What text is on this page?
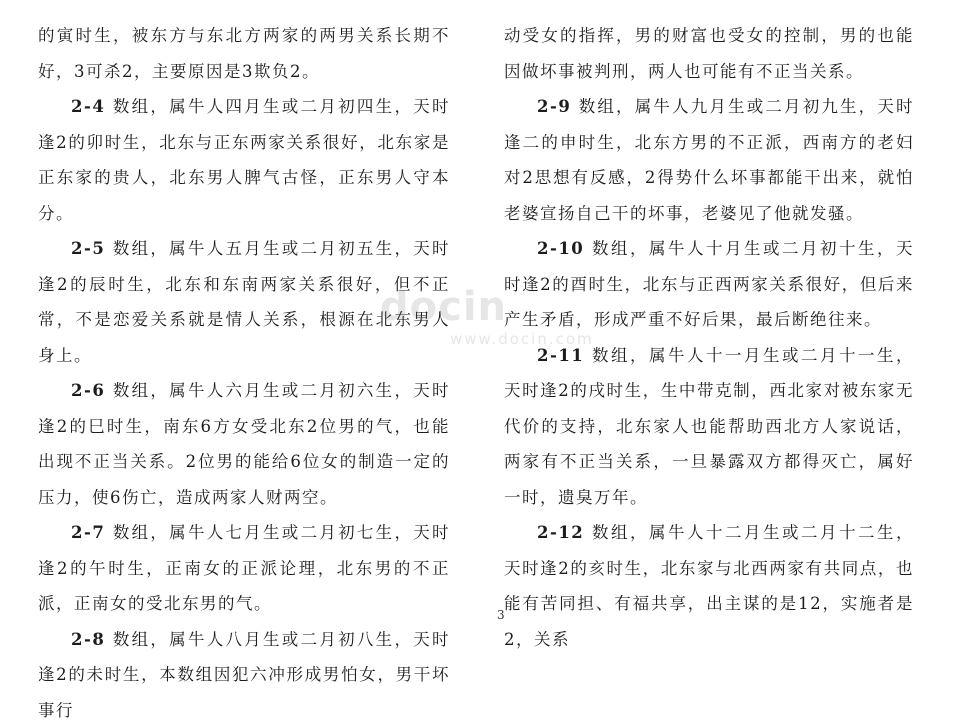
的寅时生，被东方与东北方两家的两男关系长期不好，3可杀2，主要原因是3欺负2。

2-4 数组，属牛人四月生或二月初四生，天时逢2的卯时生，北东与正东两家关系很好，北东家是正东家的贵人，北东男人脾气古怪，正东男人守本分。

2-5 数组，属牛人五月生或二月初五生，天时逢2的辰时生，北东和东南两家关系很好，但不正常，不是恋爱关系就是情人关系，根源在北东男人身上。

2-6 数组，属牛人六月生或二月初六生，天时逢2的巳时生，南东6方女受北东2位男的气，也能出现不正当关系。2位男的能给6位女的制造一定的压力，使6伤亡，造成两家人财两空。

2-7 数组，属牛人七月生或二月初七生，天时逢2的午时生，正南女的正派论理，北东男的不正派，正南女的受北东男的气。

2-8 数组，属牛人八月生或二月初八生，天时逢2的未时生，本数组因犯六冲形成男怕女，男干坏事行

动受女的指挥，男的财富也受女的控制，男的也能因做坏事被判刑，两人也可能有不正当关系。

2-9 数组，属牛人九月生或二月初九生，天时逢二的申时生，北东方男的不正派，西南方的老妇对2思想有反感，2得势什么坏事都能干出来，就怕老婆宣扬自己干的坏事，老婆见了他就发骚。

2-10 数组，属牛人十月生或二月初十生，天时逢2的酉时生，北东与正西两家关系很好，但后来产生矛盾，形成严重不好后果，最后断绝往来。

2-11 数组，属牛人十一月生或二月十一生，天时逢2的戌时生，生中带克制，西北家对被东家无代价的支持，北东家人也能帮助西北方人家说话，两家有不正当关系，一旦暴露双方都得灭亡，属好一时，遗臭万年。

2-12 数组，属牛人十二月生或二月十二生，天时逢2的亥时生，北东家与北西两家有共同点，也能有苦同担、有福共享，出主谋的是12，实施者是2，关系

3
docin
www.docin.com
